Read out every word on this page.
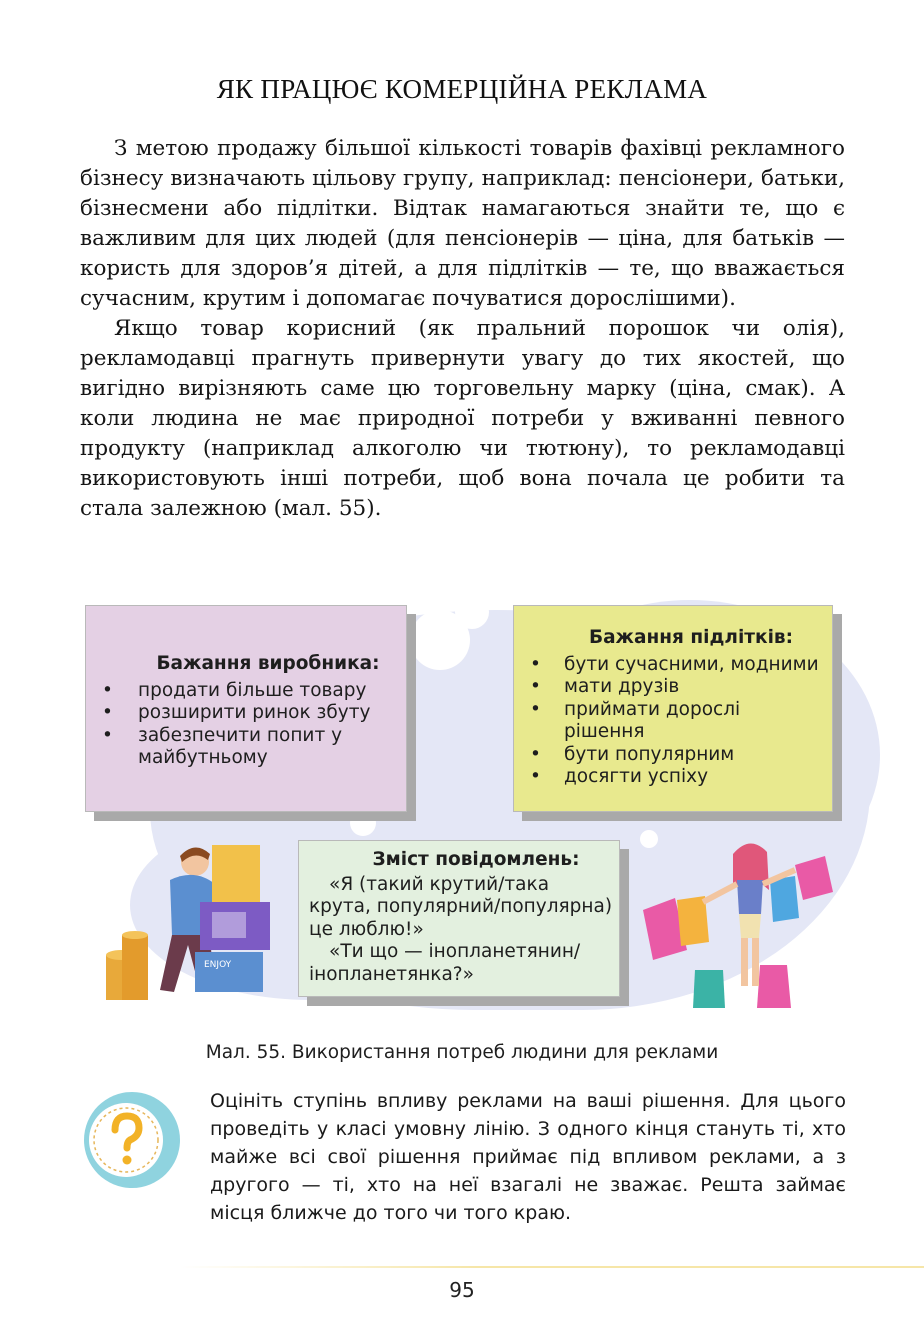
ЯК ПРАЦЮЄ КОМЕРЦІЙНА РЕКЛАМА

З метою продажу більшої кількості товарів фахівці рекламного бізнесу визначають цільову групу, наприклад: пенсіонери, батьки, бізнесмени або підлітки. Відтак намагаються знайти те, що є важливим для цих людей (для пенсіонерів — ціна, для батьків — користь для здоров’я дітей, а для підлітків — те, що вважається сучасним, крутим і допомагає почуватися дорослішими).

Якщо товар корисний (як пральний порошок чи олія), рекламодавці прагнуть привернути увагу до тих якостей, що вигідно вирізняють саме цю торговельну марку (ціна, смак). А коли людина не має природної потреби у вживанні певного продукту (наприклад алкоголю чи тютюну), то рекламодавці використовують інші потреби, щоб вона почала це робити та стала залежною (мал. 55).

ENJOY
Бажання виробника:
• продати більше товару
• розширити ринок збуту
• забезпечити попит у майбутньому
Бажання підлітків:
• бути сучасними, модними
• мати друзів
• приймати дорослі рішення
• бути популярним
• досягти успіху
Зміст повідомлень:

«Я (такий крутий/така крута, популярний/популярна) це люблю!»

«Ти що — інопланетянин/інопланетянка?»

Мал. 55. Використання потреб людини для реклами

Оцініть ступінь впливу реклами на ваші рішення. Для цього проведіть у класі умовну лінію. З одного кінця стануть ті, хто майже всі свої рішення приймає під впливом реклами, а з другого — ті, хто на неї взагалі не зважає. Решта займає місця ближче до того чи того краю.

95
